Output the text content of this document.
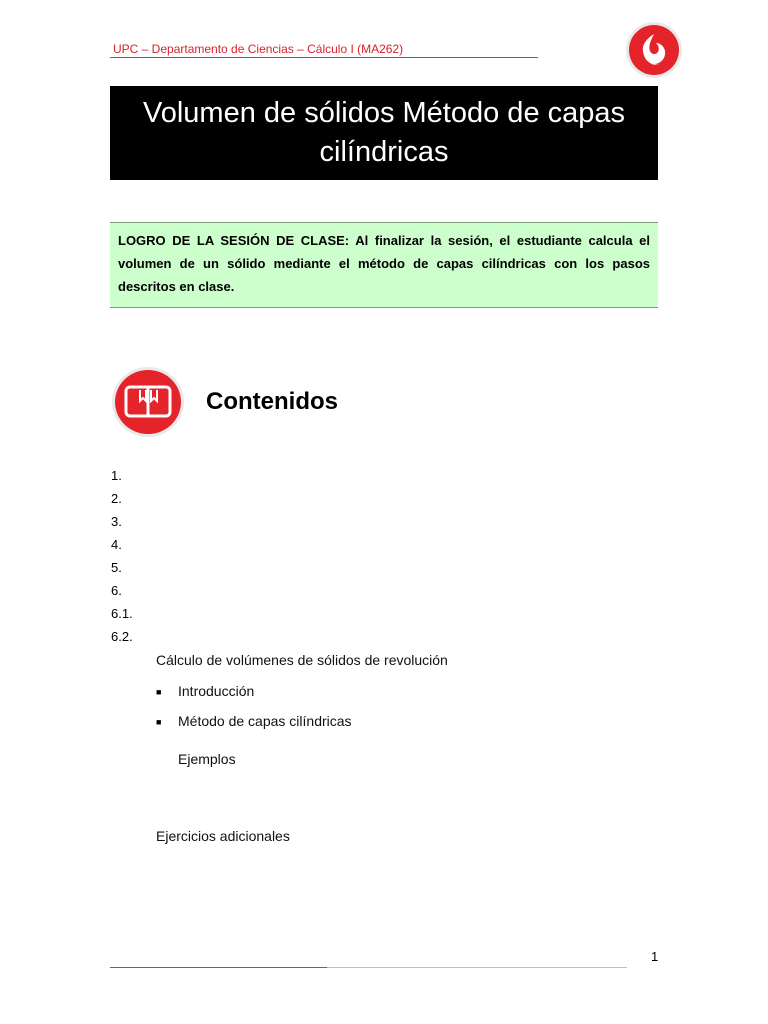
UPC – Departamento de Ciencias – Cálculo I (MA262)
Volumen de sólidos Método de capas cilíndricas
LOGRO DE LA SESIÓN DE CLASE: Al finalizar la sesión, el estudiante calcula el volumen de un sólido mediante el método de capas cilíndricas con los pasos descritos en clase.
Contenidos
1.
2.
3.
4.
5.
6.
6.1.
6.2.
Cálculo de volúmenes de sólidos de revolución
■ Introducción
■ Método de capas cilíndricas
Ejemplos
Ejercicios adicionales
1
